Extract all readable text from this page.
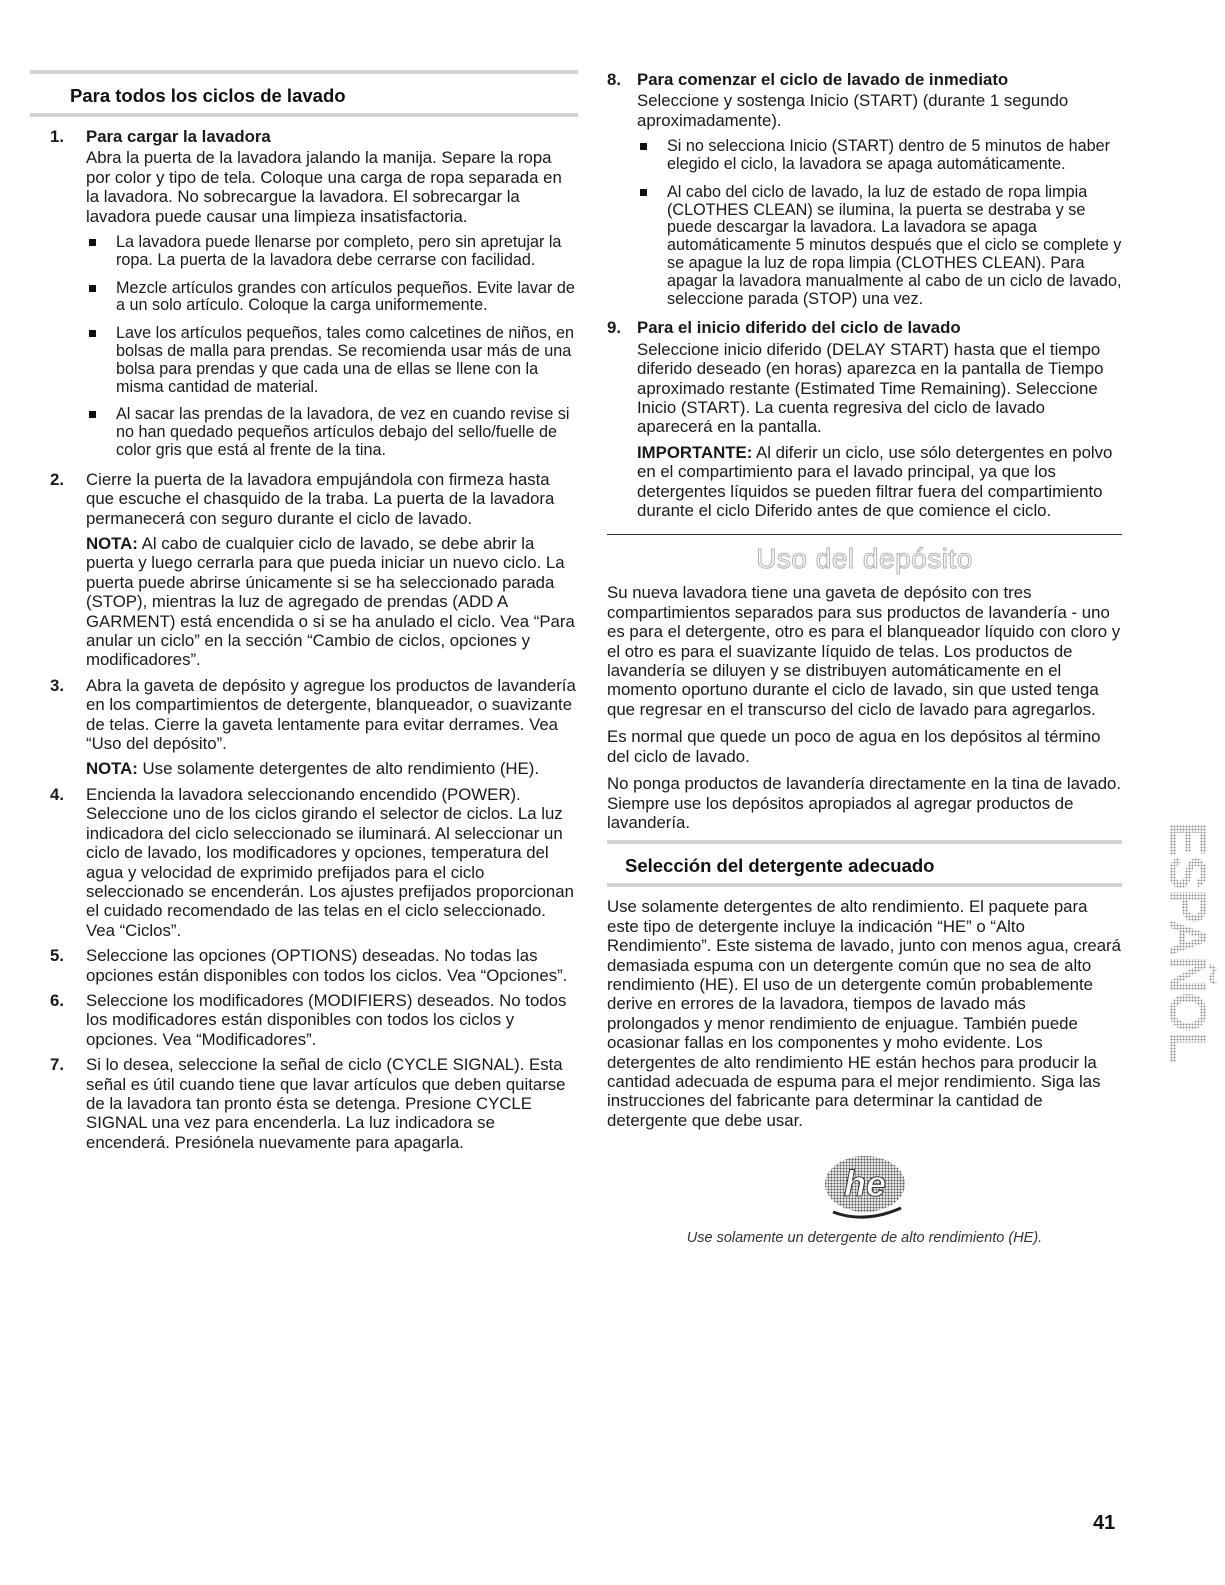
Para todos los ciclos de lavado
1. Para cargar la lavadora

Abra la puerta de la lavadora jalando la manija. Separe la ropa por color y tipo de tela. Coloque una carga de ropa separada en la lavadora. No sobrecargue la lavadora. El sobrecargar la lavadora puede causar una limpieza insatisfactoria.

La lavadora puede llenarse por completo, pero sin apretujar la ropa. La puerta de la lavadora debe cerrarse con facilidad.
Mezcle artículos grandes con artículos pequeños. Evite lavar de a un solo artículo. Coloque la carga uniformemente.
Lave los artículos pequeños, tales como calcetines de niños, en bolsas de malla para prendas. Se recomienda usar más de una bolsa para prendas y que cada una de ellas se llene con la misma cantidad de material.
Al sacar las prendas de la lavadora, de vez en cuando revise si no han quedado pequeños artículos debajo del sello/fuelle de color gris que está al frente de la tina.
2. Cierre la puerta de la lavadora empujándola con firmeza hasta que escuche el chasquido de la traba. La puerta de la lavadora permanecerá con seguro durante el ciclo de lavado.

NOTA: Al cabo de cualquier ciclo de lavado, se debe abrir la puerta y luego cerrarla para que pueda iniciar un nuevo ciclo. La puerta puede abrirse únicamente si se ha seleccionado parada (STOP), mientras la luz de agregado de prendas (ADD A GARMENT) está encendida o si se ha anulado el ciclo. Vea “Para anular un ciclo” en la sección “Cambio de ciclos, opciones y modificadores”.

3. Abra la gaveta de depósito y agregue los productos de lavandería en los compartimientos de detergente, blanqueador, o suavizante de telas. Cierre la gaveta lentamente para evitar derrames. Vea “Uso del depósito”.

NOTA: Use solamente detergentes de alto rendimiento (HE).

4. Encienda la lavadora seleccionando encendido (POWER). Seleccione uno de los ciclos girando el selector de ciclos. La luz indicadora del ciclo seleccionado se iluminará. Al seleccionar un ciclo de lavado, los modificadores y opciones, temperatura del agua y velocidad de exprimido prefijados para el ciclo seleccionado se encenderán. Los ajustes prefijados proporcionan el cuidado recomendado de las telas en el ciclo seleccionado. Vea “Ciclos”.

5. Seleccione las opciones (OPTIONS) deseadas. No todas las opciones están disponibles con todos los ciclos. Vea “Opciones”.

6. Seleccione los modificadores (MODIFIERS) deseados. No todos los modificadores están disponibles con todos los ciclos y opciones. Vea “Modificadores”.

7. Si lo desea, seleccione la señal de ciclo (CYCLE SIGNAL). Esta señal es útil cuando tiene que lavar artículos que deben quitarse de la lavadora tan pronto ésta se detenga. Presione CYCLE SIGNAL una vez para encenderla. La luz indicadora se encenderá. Presiónela nuevamente para apagarla.

8. Para comenzar el ciclo de lavado de inmediato

Seleccione y sostenga Inicio (START) (durante 1 segundo aproximadamente).

Si no selecciona Inicio (START) dentro de 5 minutos de haber elegido el ciclo, la lavadora se apaga automáticamente.
Al cabo del ciclo de lavado, la luz de estado de ropa limpia (CLOTHES CLEAN) se ilumina, la puerta se destraba y se puede descargar la lavadora. La lavadora se apaga automáticamente 5 minutos después que el ciclo se complete y se apague la luz de ropa limpia (CLOTHES CLEAN). Para apagar la lavadora manualmente al cabo de un ciclo de lavado, seleccione parada (STOP) una vez.
9. Para el inicio diferido del ciclo de lavado

Seleccione inicio diferido (DELAY START) hasta que el tiempo diferido deseado (en horas) aparezca en la pantalla de Tiempo aproximado restante (Estimated Time Remaining). Seleccione Inicio (START). La cuenta regresiva del ciclo de lavado aparecerá en la pantalla.

IMPORTANTE: Al diferir un ciclo, use sólo detergentes en polvo en el compartimiento para el lavado principal, ya que los detergentes líquidos se pueden filtrar fuera del compartimiento durante el ciclo Diferido antes de que comience el ciclo.

Uso del depósito

Su nueva lavadora tiene una gaveta de depósito con tres compartimientos separados para sus productos de lavandería - uno es para el detergente, otro es para el blanqueador líquido con cloro y el otro es para el suavizante líquido de telas. Los productos de lavandería se diluyen y se distribuyen automáticamente en el momento oportuno durante el ciclo de lavado, sin que usted tenga que regresar en el transcurso del ciclo de lavado para agregarlos.

Es normal que quede un poco de agua en los depósitos al término del ciclo de lavado.

No ponga productos de lavandería directamente en la tina de lavado. Siempre use los depósitos apropiados al agregar productos de lavandería.

Selección del detergente adecuado

Use solamente detergentes de alto rendimiento. El paquete para este tipo de detergente incluye la indicación “HE” o “Alto Rendimiento”. Este sistema de lavado, junto con menos agua, creará demasiada espuma con un detergente común que no sea de alto rendimiento (HE). El uso de un detergente común probablemente derive en errores de la lavadora, tiempos de lavado más prolongados y menor rendimiento de enjuague. También puede ocasionar fallas en los componentes y moho evidente. Los detergentes de alto rendimiento HE están hechos para producir la cantidad adecuada de espuma para el mejor rendimiento. Siga las instrucciones del fabricante para determinar la cantidad de detergente que debe usar.

he
Use solamente un detergente de alto rendimiento (HE).
ESPAÑOL
41
